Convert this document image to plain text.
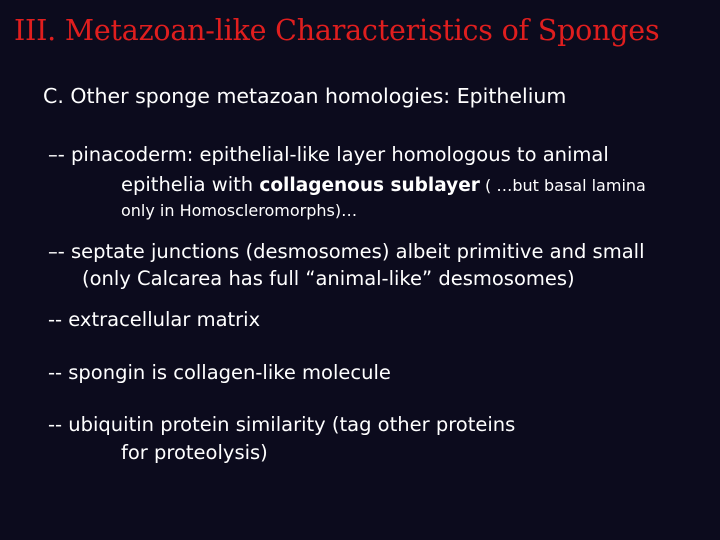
III. Metazoan-like Characteristics of Sponges
C. Other sponge metazoan homologies: Epithelium
–- pinacoderm: epithelial-like layer homologous to animal
epithelia with collagenous sublayer ( …but basal lamina
only in Homoscleromorphs)…
–- septate junctions (desmosomes) albeit primitive and small
(only Calcarea has full “animal-like” desmosomes)
-- extracellular matrix
-- spongin is collagen-like molecule
-- ubiquitin protein similarity (tag other proteins
for proteolysis)
